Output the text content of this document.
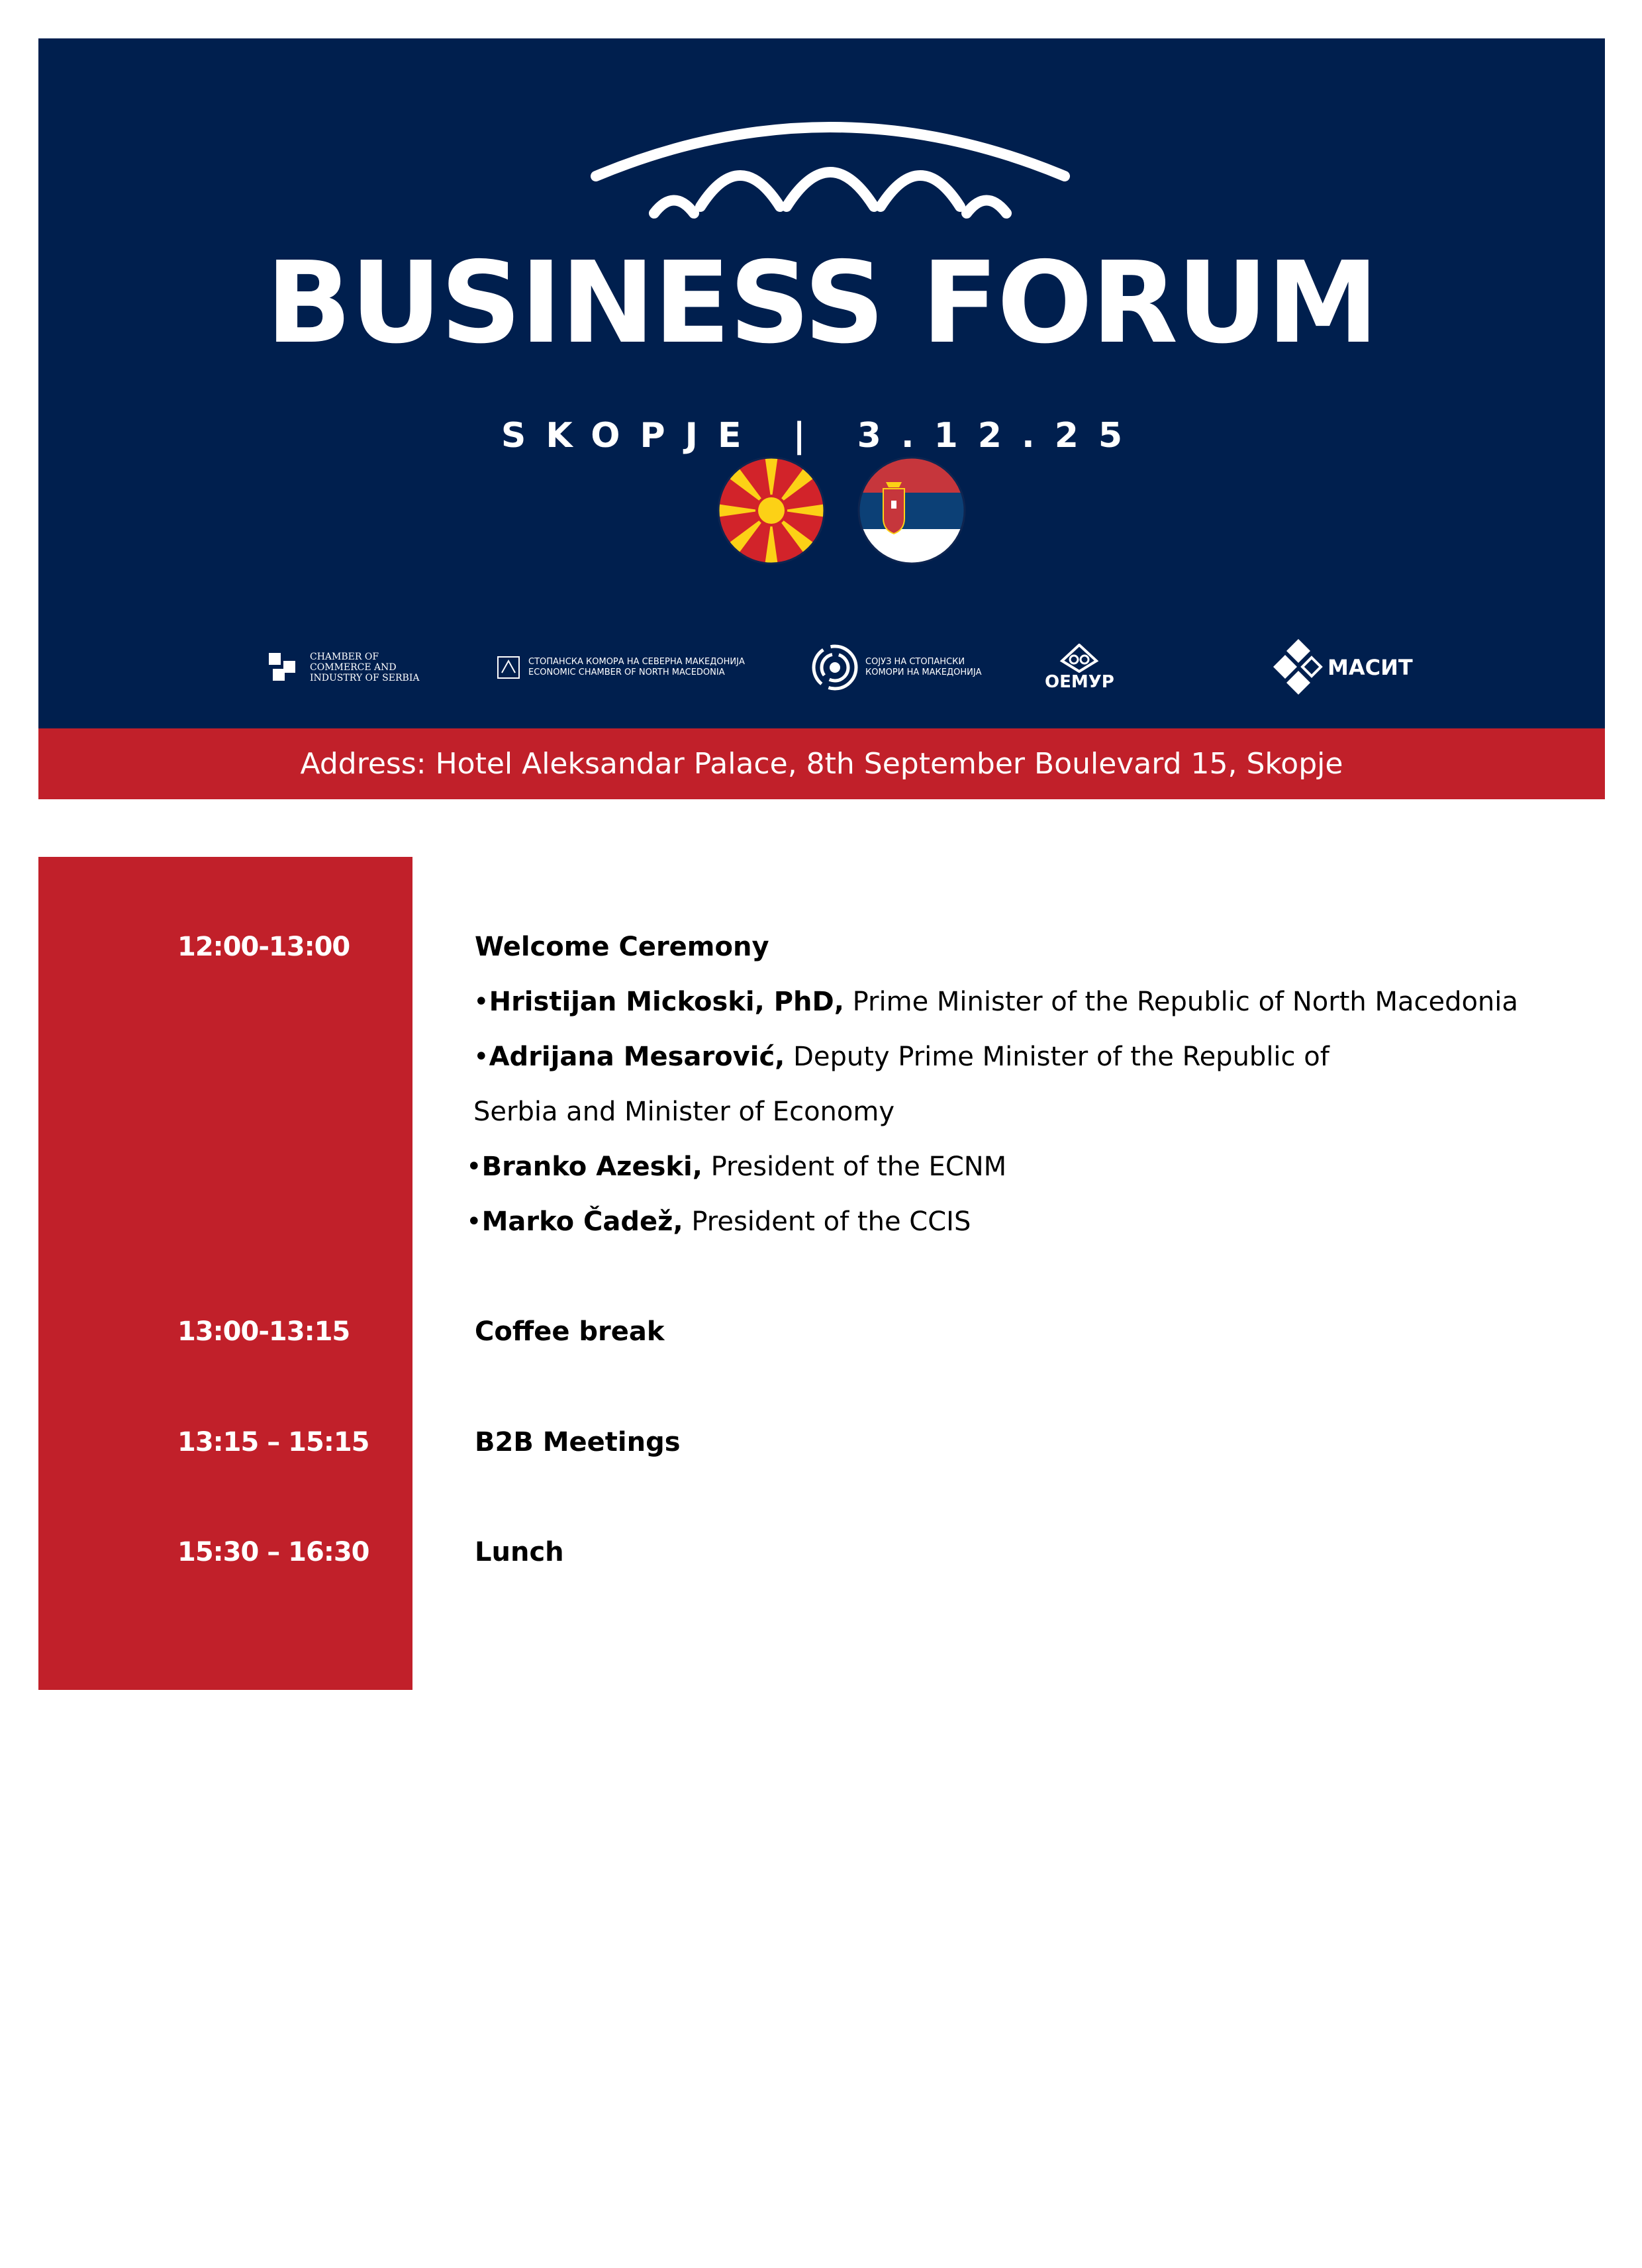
BUSINESS FORUM
SKOPJE | 3.12.25
CHAMBER OF
COMMERCE AND
INDUSTRY OF SERBIA
СТОПАНСКА КОМОРА НА СЕВЕРНА МАКЕДОНИЈА
ECONOMIC CHAMBER OF NORTH MACEDONIA
СОЈУЗ НА СТОПАНСКИ
КОМОРИ НА МАКЕДОНИЈА	ОЕМУР
МАСИТ
Address: Hotel Aleksandar Palace, 8th September Boulevard 15, Skopje
12:00-13:00
13:00-13:15
13:15 – 15:15
15:30 – 16:30
Welcome Ceremony
•Hristijan Mickoski, PhD, Prime Minister of the Republic of North Macedonia
•Adrijana Mesarović, Deputy Prime Minister of the Republic of
Serbia and Minister of Economy
•Branko Azeski, President of the ECNM
•Marko Čadež, President of the CCIS
Coffee break
B2B Meetings
Lunch
